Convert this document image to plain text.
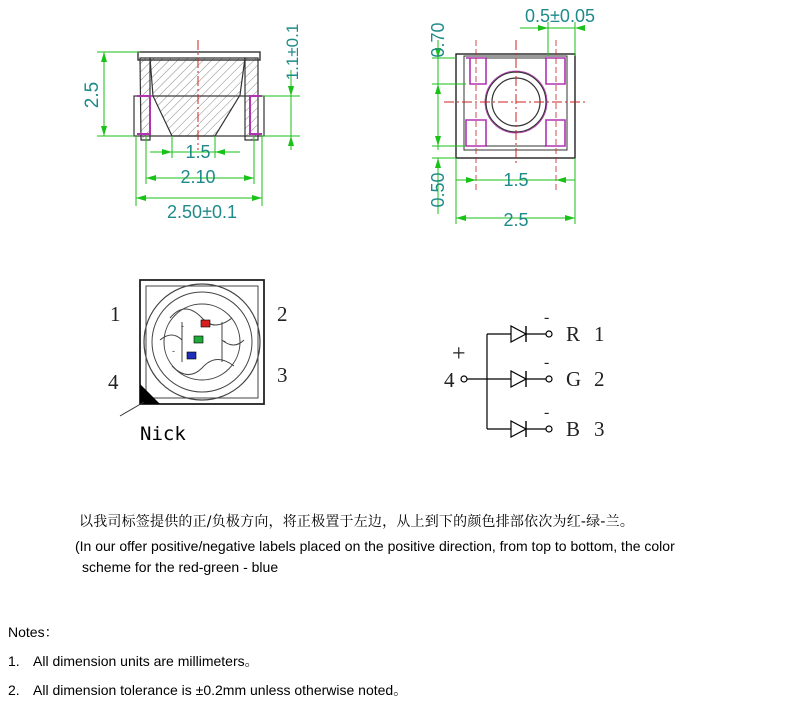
2.5
1.1±0.1
1.5
2.10
2.50±0.1
0.5±0.05
0.70
0.50	1.5
2.5
-
-
-
1	2
3
4
Nick
+
4
-
R 1
-
G 2
-
B 3
以我司标签提供的正/负极方向，将正极置于左边，从上到下的颜色排部依次为红-绿-兰。
(In our offer positive/negative labels placed on the positive direction, from top to bottom, the color
scheme for the red-green - blue
Notes：
1. All dimension units are millimeters。
2. All dimension tolerance is ±0.2mm unless otherwise noted。
